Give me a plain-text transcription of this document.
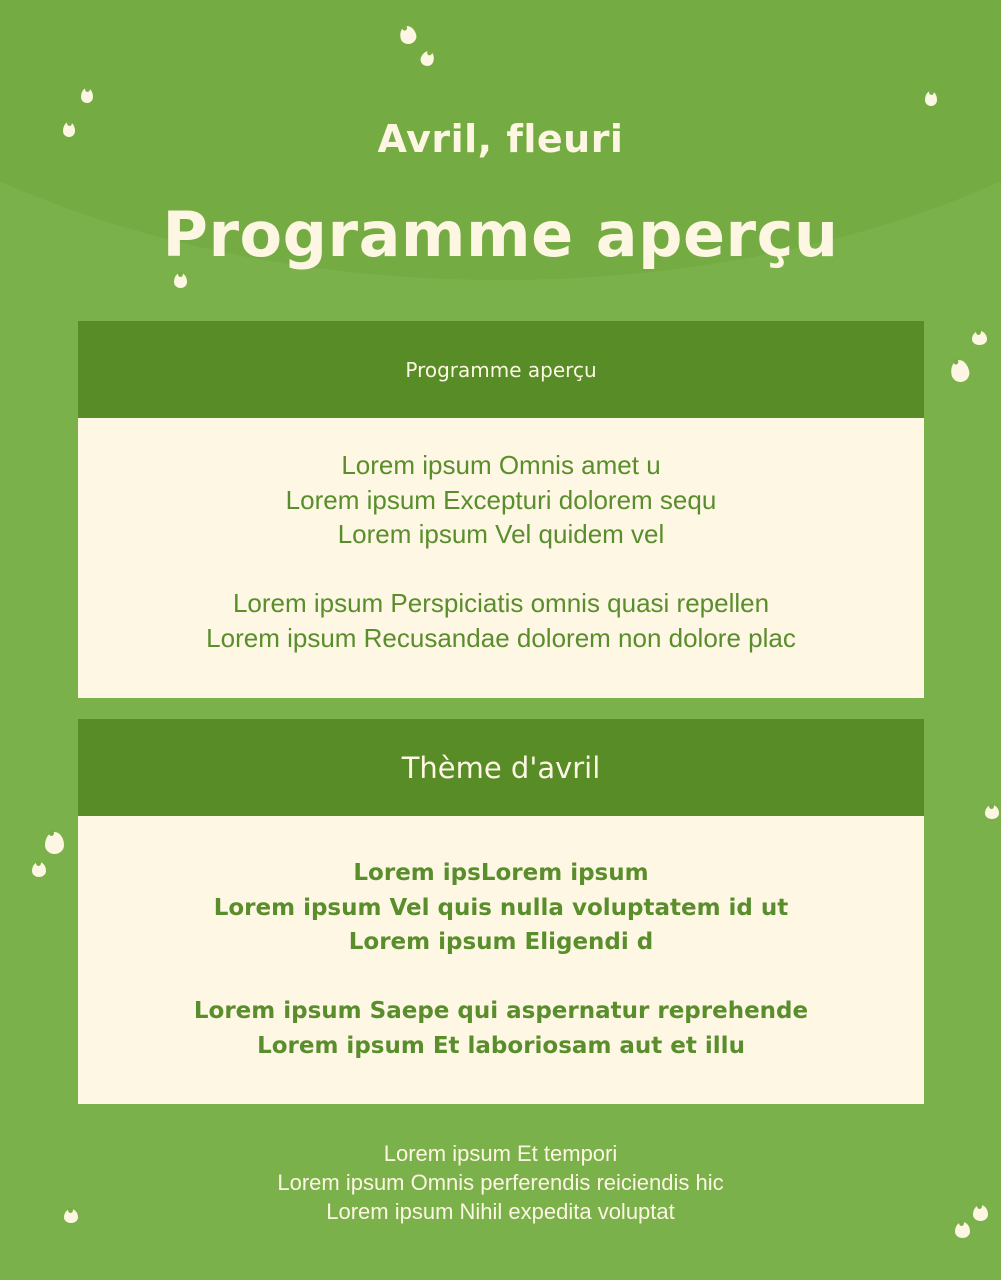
Avril, fleuri
Programme aperçu
Programme aperçu
Lorem ipsum Omnis amet u
Lorem ipsum Excepturi dolorem sequ
Lorem ipsum Vel quidem vel
Lorem ipsum Perspiciatis omnis quasi repellen
Lorem ipsum Recusandae dolorem non dolore plac
Thème d'avril
Lorem ipsLorem ipsum
Lorem ipsum Vel quis nulla voluptatem id ut
Lorem ipsum Eligendi d
Lorem ipsum Saepe qui aspernatur reprehende
Lorem ipsum Et laboriosam aut et illu
Lorem ipsum Et tempori
Lorem ipsum Omnis perferendis reiciendis hic
Lorem ipsum Nihil expedita voluptat
